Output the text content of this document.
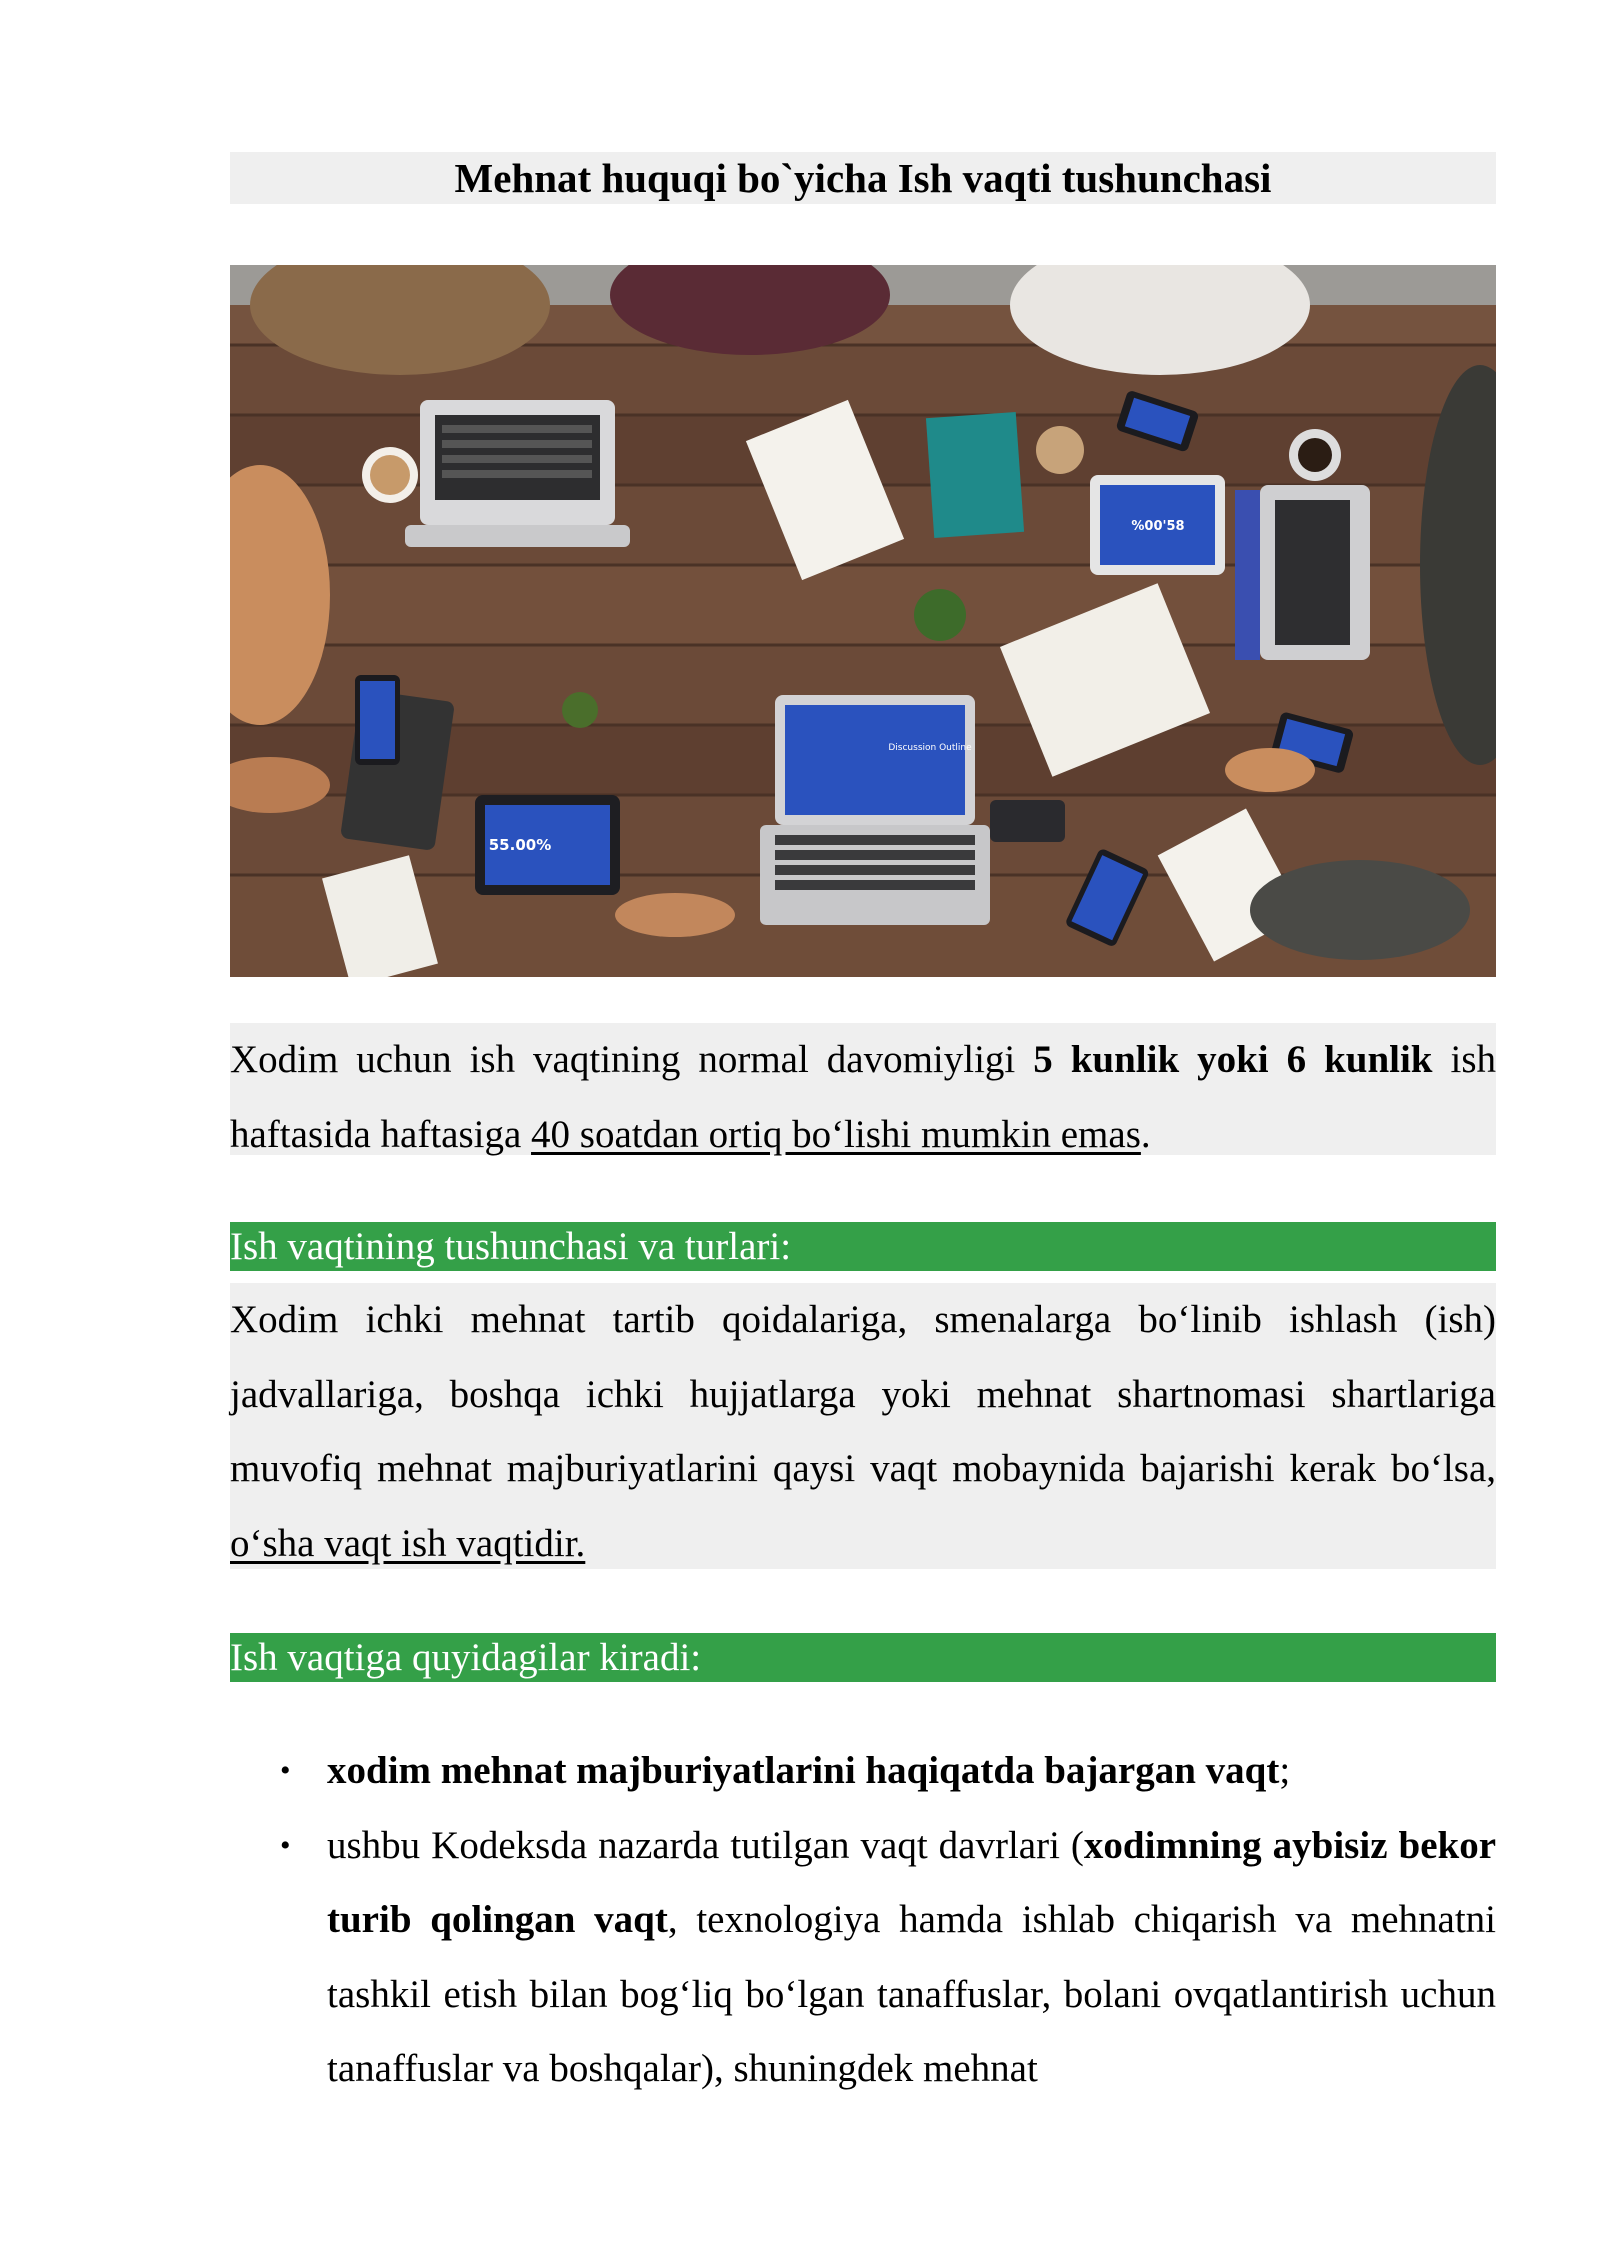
Mehnat huquqi bo`yicha Ish vaqti tushunchasi
%00'58
Discussion Outline
55.00%
Xodim uchun ish vaqtining normal davomiyligi 5 kunlik yoki 6 kunlik ish haftasida haftasiga 40 soatdan ortiq bo‘lishi mumkin emas.
Ish vaqtining tushunchasi va turlari:
Xodim ichki mehnat tartib qoidalariga, smenalarga bo‘linib ishlash (ish) jadvallariga, boshqa ichki hujjatlarga yoki mehnat shartnomasi shartlariga muvofiq mehnat majburiyatlarini qaysi vaqt mobaynida bajarishi kerak bo‘lsa, o‘sha vaqt ish vaqtidir.
Ish vaqtiga quyidagilar kiradi:
• xodim mehnat majburiyatlarini haqiqatda bajargan vaqt;
• ushbu Kodeksda nazarda tutilgan vaqt davrlari (xodimning aybisiz bekor turib qolingan vaqt, texnologiya hamda ishlab chiqarish va mehnatni tashkil etish bilan bog‘liq bo‘lgan tanaffuslar, bolani ovqatlantirish uchun tanaffuslar va boshqalar), shuningdek mehnat
